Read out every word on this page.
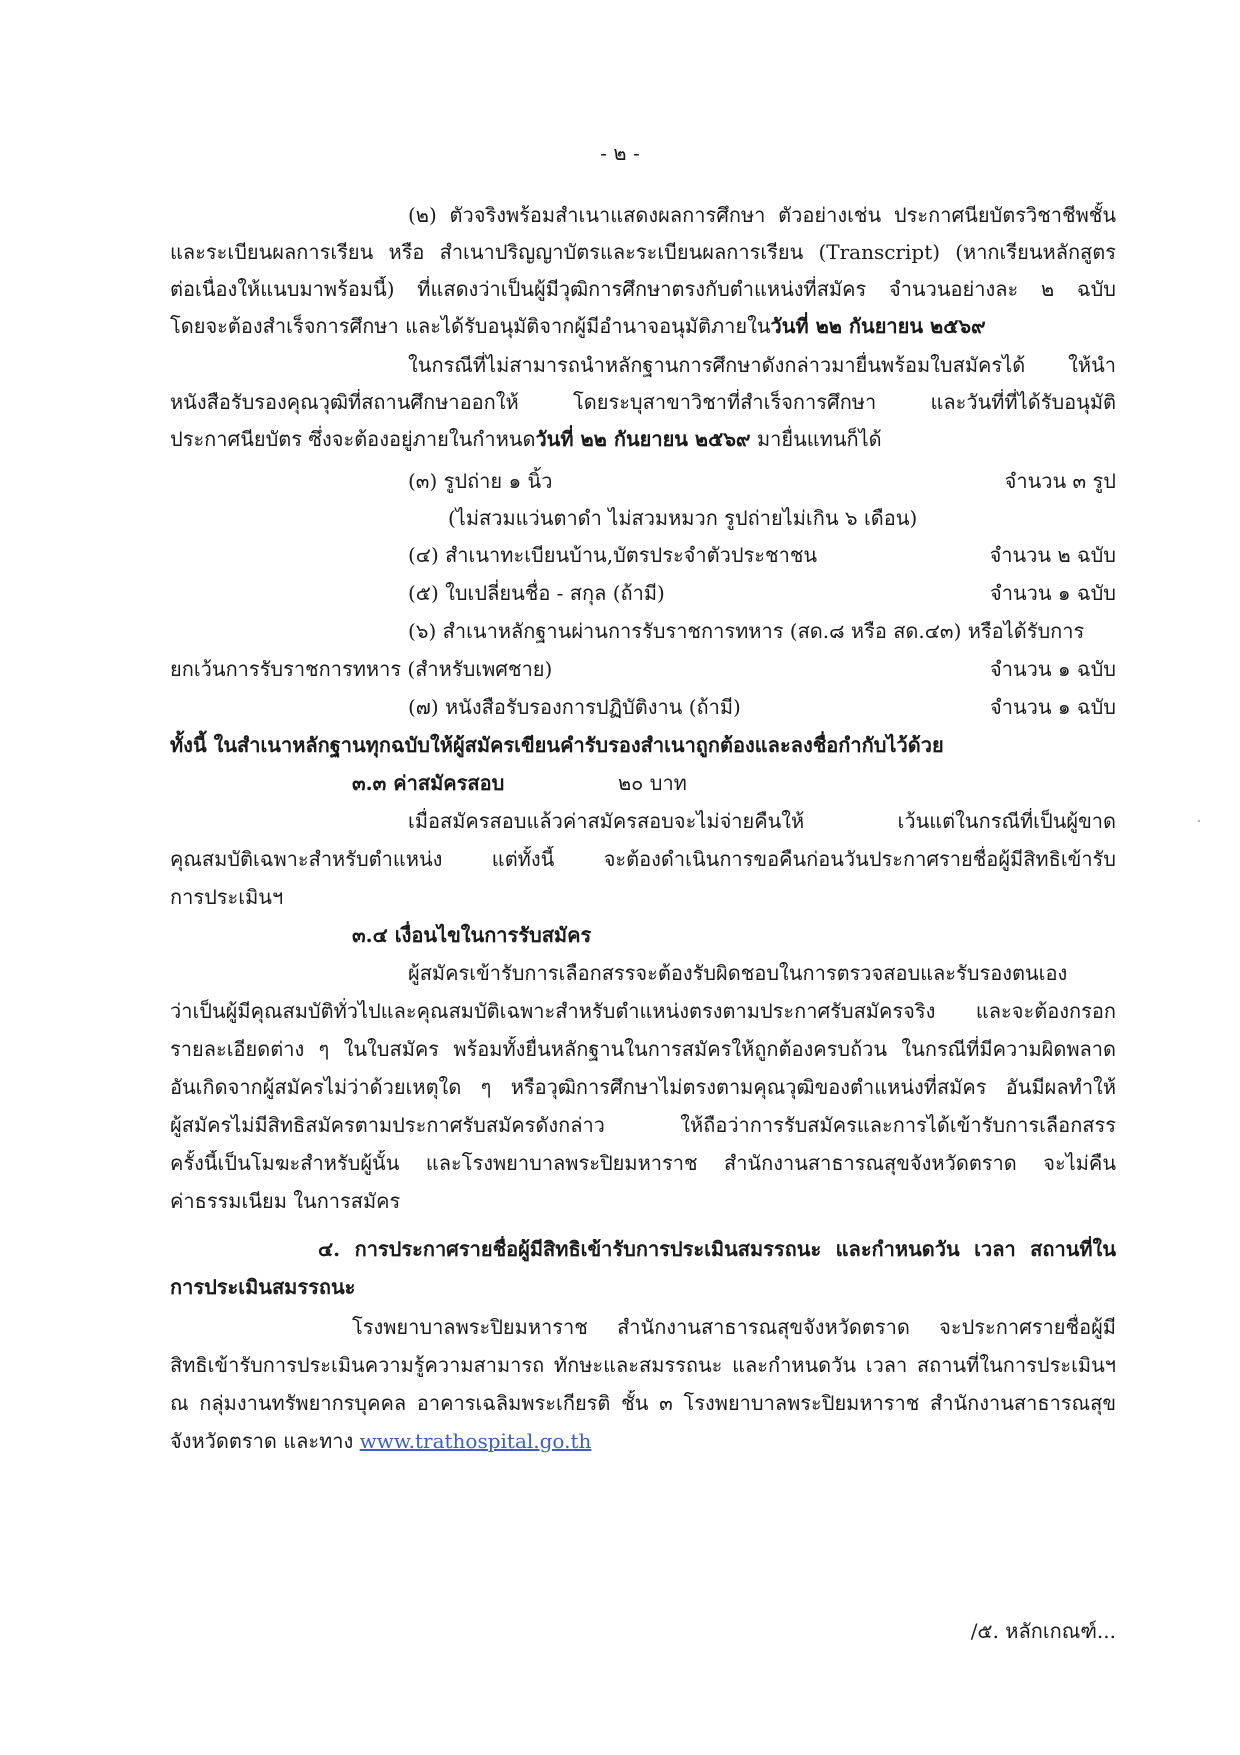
- ๒ -
(๒) ตัวจริงพร้อมสำเนาแสดงผลการศึกษา ตัวอย่างเช่น ประกาศนียบัตรวิชาชีพชั้น
และระเบียนผลการเรียน หรือ สำเนาปริญญาบัตรและระเบียนผลการเรียน (Transcript) (หากเรียนหลักสูตร
ต่อเนื่องให้แนบมาพร้อมนี้) ที่แสดงว่าเป็นผู้มีวุฒิการศึกษาตรงกับตำแหน่งที่สมัคร จำนวนอย่างละ ๒ ฉบับ
โดยจะต้องสำเร็จการศึกษา และได้รับอนุมัติจากผู้มีอำนาจอนุมัติภายในวันที่ ๒๒ กันยายน ๒๕๖๙
ในกรณีที่ไม่สามารถนำหลักฐานการศึกษาดังกล่าวมายื่นพร้อมใบสมัครได้ ให้นำ
หนังสือรับรองคุณวุฒิที่สถานศึกษาออกให้ โดยระบุสาขาวิชาที่สำเร็จการศึกษา และวันที่ที่ได้รับอนุมัติ
ประกาศนียบัตร ซึ่งจะต้องอยู่ภายในกำหนดวันที่ ๒๒ กันยายน ๒๕๖๙ มายื่นแทนก็ได้
(๓) รูปถ่าย ๑ นิ้ว	จำนวน ๓ รูป
(ไม่สวมแว่นตาดำ ไม่สวมหมวก รูปถ่ายไม่เกิน ๖ เดือน)
(๔) สำเนาทะเบียนบ้าน,บัตรประจำตัวประชาชน	จำนวน ๒ ฉบับ
(๕) ใบเปลี่ยนชื่อ - สกุล (ถ้ามี)	จำนวน ๑ ฉบับ
(๖) สำเนาหลักฐานผ่านการรับราชการทหาร (สด.๘ หรือ สด.๔๓) หรือได้รับการ
ยกเว้นการรับราชการทหาร (สำหรับเพศชาย)	จำนวน ๑ ฉบับ
(๗) หนังสือรับรองการปฏิบัติงาน (ถ้ามี)	จำนวน ๑ ฉบับ
ทั้งนี้ ในสำเนาหลักฐานทุกฉบับให้ผู้สมัครเขียนคำรับรองสำเนาถูกต้องและลงชื่อกำกับไว้ด้วย
๓.๓ ค่าสมัครสอบ	๒๐ บาท
เมื่อสมัครสอบแล้วค่าสมัครสอบจะไม่จ่ายคืนให้ เว้นแต่ในกรณีที่เป็นผู้ขาด
คุณสมบัติเฉพาะสำหรับตำแหน่ง แต่ทั้งนี้ จะต้องดำเนินการขอคืนก่อนวันประกาศรายชื่อผู้มีสิทธิเข้ารับ
การประเมินฯ
๓.๔ เงื่อนไขในการรับสมัคร
ผู้สมัครเข้ารับการเลือกสรรจะต้องรับผิดชอบในการตรวจสอบและรับรองตนเอง
ว่าเป็นผู้มีคุณสมบัติทั่วไปและคุณสมบัติเฉพาะสำหรับตำแหน่งตรงตามประกาศรับสมัครจริง และจะต้องกรอก
รายละเอียดต่าง ๆ ในใบสมัคร พร้อมทั้งยื่นหลักฐานในการสมัครให้ถูกต้องครบถ้วน ในกรณีที่มีความผิดพลาด
อันเกิดจากผู้สมัครไม่ว่าด้วยเหตุใด ๆ หรือวุฒิการศึกษาไม่ตรงตามคุณวุฒิของตำแหน่งที่สมัคร อันมีผลทำให้
ผู้สมัครไม่มีสิทธิสมัครตามประกาศรับสมัครดังกล่าว ให้ถือว่าการรับสมัครและการได้เข้ารับการเลือกสรร
ครั้งนี้เป็นโมฆะสำหรับผู้นั้น และโรงพยาบาลพระปิยมหาราช สำนักงานสาธารณสุขจังหวัดตราด จะไม่คืน
ค่าธรรมเนียม ในการสมัคร
๔. การประกาศรายชื่อผู้มีสิทธิเข้ารับการประเมินสมรรถนะ และกำหนดวัน เวลา สถานที่ใน
การประเมินสมรรถนะ
โรงพยาบาลพระปิยมหาราช สำนักงานสาธารณสุขจังหวัดตราด จะประกาศรายชื่อผู้มี
สิทธิเข้ารับการประเมินความรู้ความสามารถ ทักษะและสมรรถนะ และกำหนดวัน เวลา สถานที่ในการประเมินฯ
ณ กลุ่มงานทรัพยากรบุคคล อาคารเฉลิมพระเกียรติ ชั้น ๓ โรงพยาบาลพระปิยมหาราช สำนักงานสาธารณสุข
จังหวัดตราด และทาง www.trathospital.go.th
/๕. หลักเกณฑ์...
